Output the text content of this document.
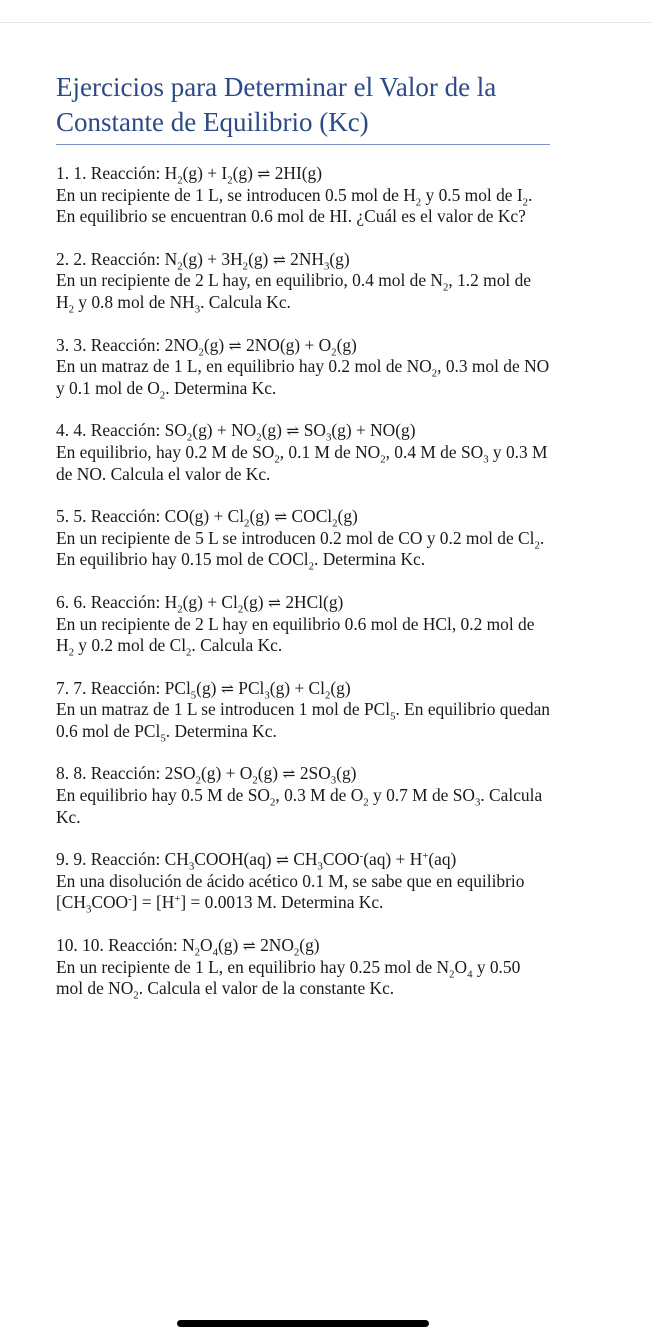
Ejercicios para Determinar el Valor de la Constante de Equilibrio (Kc)
1. 1. Reacción: $H_2(g) + I_2(g)$ ⇌ 2HI(g)
En un recipiente de 1 L, se introducen 0.5 mol de $H_2$ y 0.5 mol de $I_2$. En equilibrio se encuentran 0.6 mol de HI. ¿Cuál es el valor de Kc?
2. 2. Reacción: $N_2(g) + 3H_2(g)$ ⇌ $2NH_3(g)$
En un recipiente de 2 L hay, en equilibrio, 0.4 mol de $N_2$, 1.2 mol de $H_2$ y 0.8 mol de $NH_3$. Calcula Kc.
3. 3. Reacción: $2NO_2(g)$ ⇌ $2NO(g) + O_2(g)$
En un matraz de 1 L, en equilibrio hay 0.2 mol de $NO_2$, 0.3 mol de NO y 0.1 mol de $O_2$. Determina Kc.
4. 4. Reacción: $SO_2(g) + NO_2(g)$ ⇌ $SO_3(g) + NO(g)$
En equilibrio, hay 0.2 M de $SO_2$, 0.1 M de $NO_2$, 0.4 M de $SO_3$ y 0.3 M de NO. Calcula el valor de Kc.
5. 5. Reacción: $CO(g) + Cl_2(g)$ ⇌ COCl$_2$(g)
En un recipiente de 5 L se introducen 0.2 mol de CO y 0.2 mol de $Cl_2$. En equilibrio hay 0.15 mol de COCl$_2$. Determina Kc.
6. 6. Reacción: $H_2(g) + Cl_2(g)$ ⇌ 2HCl(g)
En un recipiente de 2 L hay en equilibrio 0.6 mol de HCl, 0.2 mol de $H_2$ y 0.2 mol de $Cl_2$. Calcula Kc.
7. 7. Reacción: PCl$_5$(g) ⇌ $PCl_3(g) + Cl_2(g)$
En un matraz de 1 L se introducen 1 mol de PCl$_5$. En equilibrio quedan 0.6 mol de PCl$_5$. Determina Kc.
8. 8. Reacción: $2SO_2(g) + O_2(g)$ ⇌ $2SO_3(g)$
En equilibrio hay 0.5 M de $SO_2$, 0.3 M de $O_2$ y 0.7 M de $SO_3$. Calcula Kc.
9. 9. Reacción: $CH_3COOH(aq)$ ⇌ $CH_3COO^-(aq) + H^+(aq)$
En una disolución de ácido acético 0.1 M, se sabe que en equilibrio $[CH_3COO^-] = [H^+] = 0.0013$ M. Determina Kc.
10. 10. Reacción: $N_2O_4(g)$ ⇌ $2NO_2(g)$
En un recipiente de 1 L, en equilibrio hay 0.25 mol de $N_2O_4$ y 0.50 mol de $NO_2$. Calcula el valor de la constante Kc.
